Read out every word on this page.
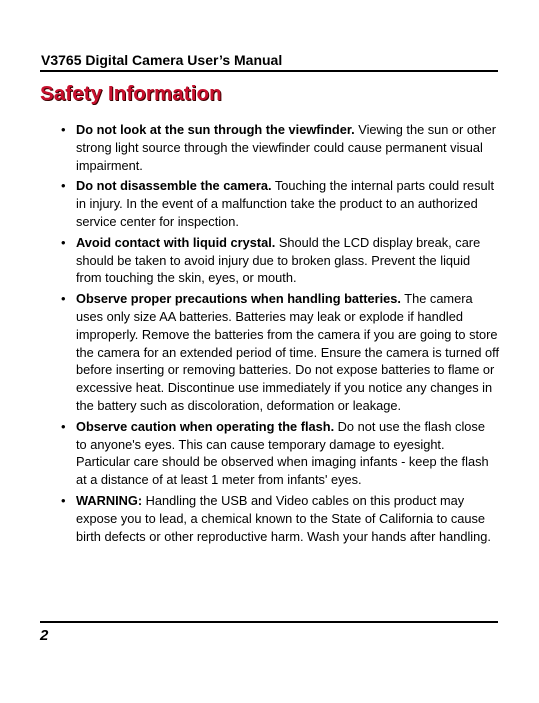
V3765 Digital Camera User’s Manual
Safety Information
• Do not look at the sun through the viewfinder. Viewing the sun or other strong light source through the viewfinder could cause permanent visual impairment.
• Do not disassemble the camera. Touching the internal parts could result in injury. In the event of a malfunction take the product to an authorized service center for inspection.
• Avoid contact with liquid crystal. Should the LCD display break, care should be taken to avoid injury due to broken glass. Prevent the liquid from touching the skin, eyes, or mouth.
• Observe proper precautions when handling batteries. The camera uses only size AA batteries. Batteries may leak or explode if handled improperly. Remove the batteries from the camera if you are going to store the camera for an extended period of time. Ensure the camera is turned off before inserting or removing batteries. Do not expose batteries to flame or excessive heat. Discontinue use immediately if you notice any changes in the battery such as discoloration, deformation or leakage.
• Observe caution when operating the flash. Do not use the flash close to anyone's eyes. This can cause temporary damage to eyesight. Particular care should be observed when imaging infants - keep the flash at a distance of at least 1 meter from infants' eyes.
• WARNING: Handling the USB and Video cables on this product may expose you to lead, a chemical known to the State of California to cause birth defects or other reproductive harm. Wash your hands after handling.
2
